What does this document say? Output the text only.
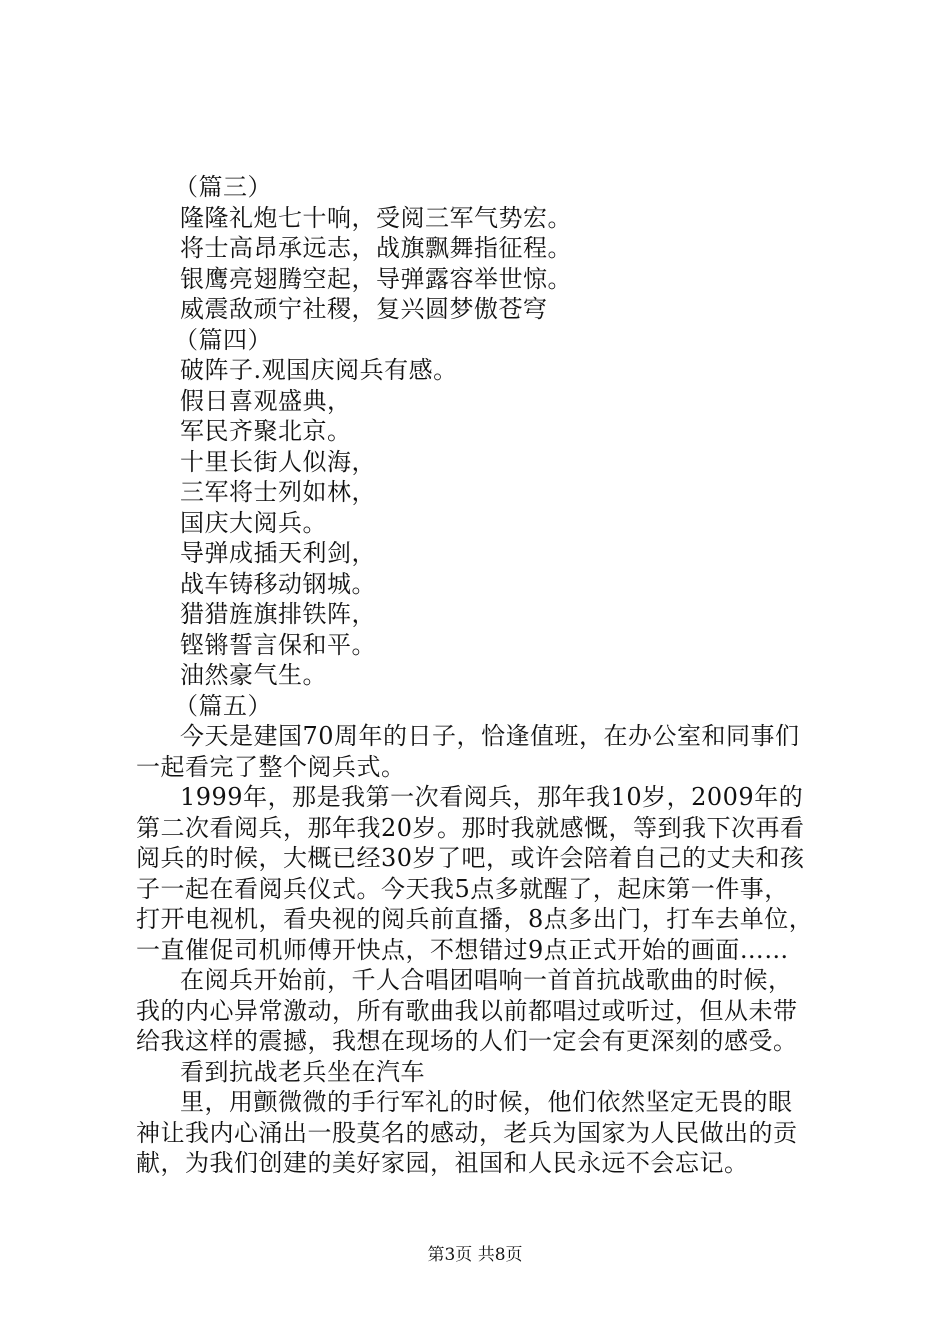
（篇三）
隆隆礼炮七十响，受阅三军气势宏。
将士高昂承远志，战旗飘舞指征程。
银鹰亮翅腾空起，导弹露容举世惊。
威震敌顽宁社稷，复兴圆梦傲苍穹
（篇四）
破阵子.观国庆阅兵有感。
假日喜观盛典，
军民齐聚北京。
十里长街人似海，
三军将士列如林，
国庆大阅兵。
导弹成插天利剑，
战车铸移动钢城。
猎猎旌旗排铁阵，
铿锵誓言保和平。
油然豪气生。
（篇五）
今天是建国70周年的日子，恰逢值班，在办公室和同事们
一起看完了整个阅兵式。
1999年，那是我第一次看阅兵，那年我10岁，2009年的
第二次看阅兵，那年我20岁。那时我就感慨，等到我下次再看
阅兵的时候，大概已经30岁了吧，或许会陪着自己的丈夫和孩
子一起在看阅兵仪式。今天我5点多就醒了，起床第一件事，
打开电视机，看央视的阅兵前直播，8点多出门，打车去单位，
一直催促司机师傅开快点，不想错过9点正式开始的画面……
在阅兵开始前，千人合唱团唱响一首首抗战歌曲的时候，
我的内心异常激动，所有歌曲我以前都唱过或听过，但从未带
给我这样的震撼，我想在现场的人们一定会有更深刻的感受。
看到抗战老兵坐在汽车
里，用颤微微的手行军礼的时候，他们依然坚定无畏的眼
神让我内心涌出一股莫名的感动，老兵为国家为人民做出的贡
献，为我们创建的美好家园，祖国和人民永远不会忘记。
第3页 共8页
